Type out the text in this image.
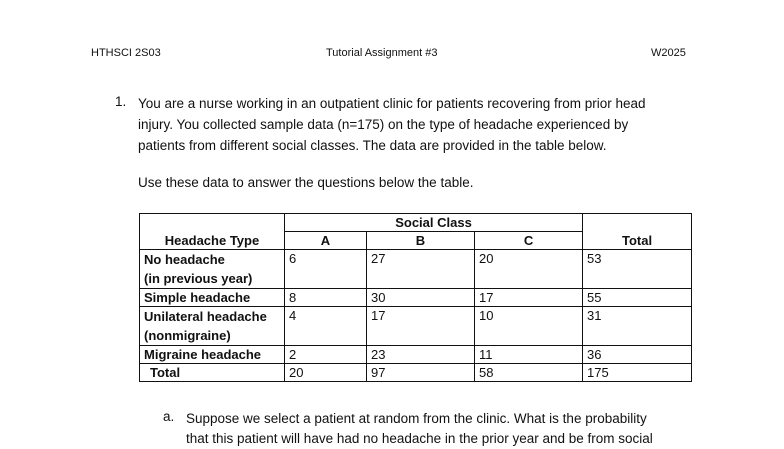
HTHSCI 2S03	Tutorial Assignment #3	W2025
1. You are a nurse working in an outpatient clinic for patients recovering from prior head

injury. You collected sample data (n=175) on the type of headache experienced by

patients from different social classes. The data are provided in the table below.

Use these data to answer the questions below the table.
Headache Type	Social Class			Total
	A	B	C	
No headache
(in previous year)	6	27	20	53
Simple headache	8	30	17	55
Unilateral headache
(nonmigraine)	4	17	10	31
Migraine headache	2	23	11	36
Total	20	97	58	175
a. Suppose we select a patient at random from the clinic. What is the probability
that this patient will have had no headache in the prior year and be from social
